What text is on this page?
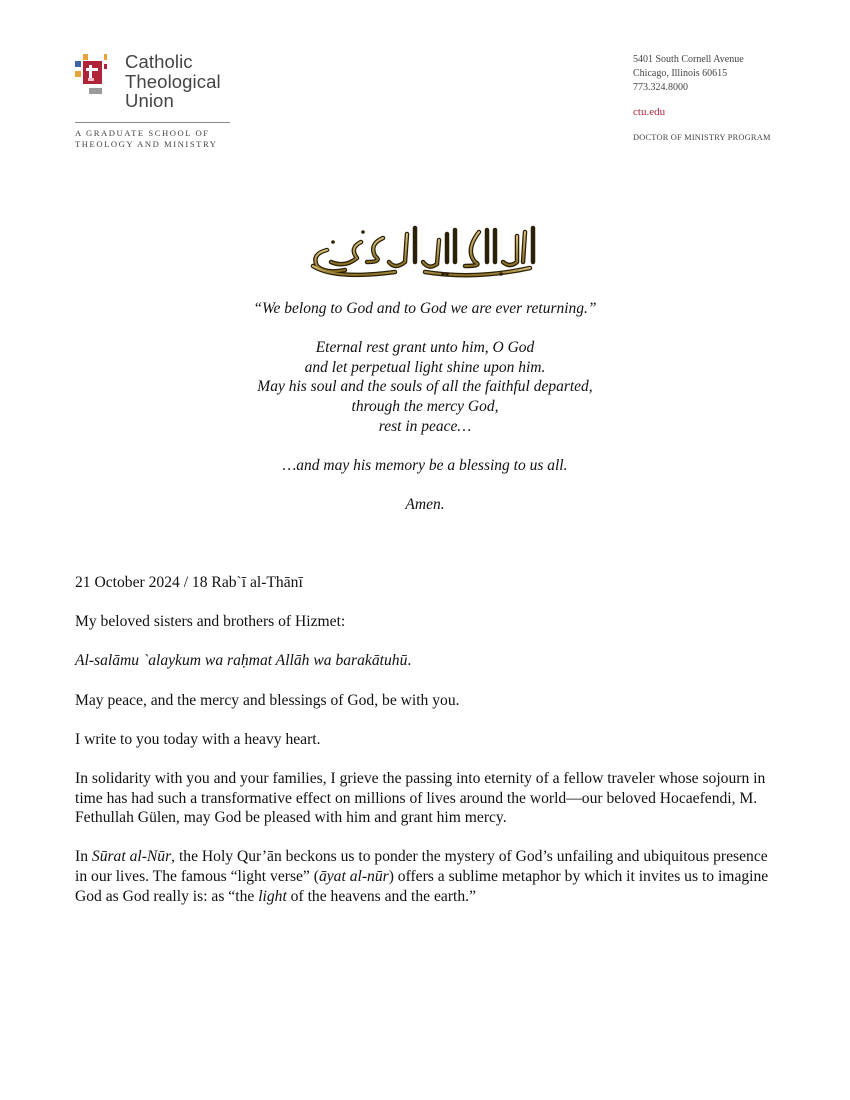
Catholic
Theological
Union
A GRADUATE SCHOOL OF
THEOLOGY AND MINISTRY
5401 South Cornell Avenue
Chicago, Illinois 60615
773.324.8000
ctu.edu
DOCTOR OF MINISTRY PROGRAM

“We belong to God and to God we are ever returning.”

Eternal rest grant unto him, O God

and let perpetual light shine upon him.

May his soul and the souls of all the faithful departed,

through the mercy God,

rest in peace…

…and may his memory be a blessing to us all.

Amen.

21 October 2024 / 18 Rab`ī al-Thānī

My beloved sisters and brothers of Hizmet:

Al-salāmu `alaykum wa raḥmat Allāh wa barakātuhū.

May peace, and the mercy and blessings of God, be with you.

I write to you today with a heavy heart.

In solidarity with you and your families, I grieve the passing into eternity of a fellow traveler whose sojourn in time has had such a transformative effect on millions of lives around the world—our beloved Hocaefendi, M. Fethullah Gülen, may God be pleased with him and grant him mercy.

In Sūrat al-Nūr, the Holy Qur’ān beckons us to ponder the mystery of God’s unfailing and ubiquitous presence in our lives. The famous “light verse” (āyat al-nūr) offers a sublime metaphor by which it invites us to imagine God as God really is: as “the light of the heavens and the earth.”
